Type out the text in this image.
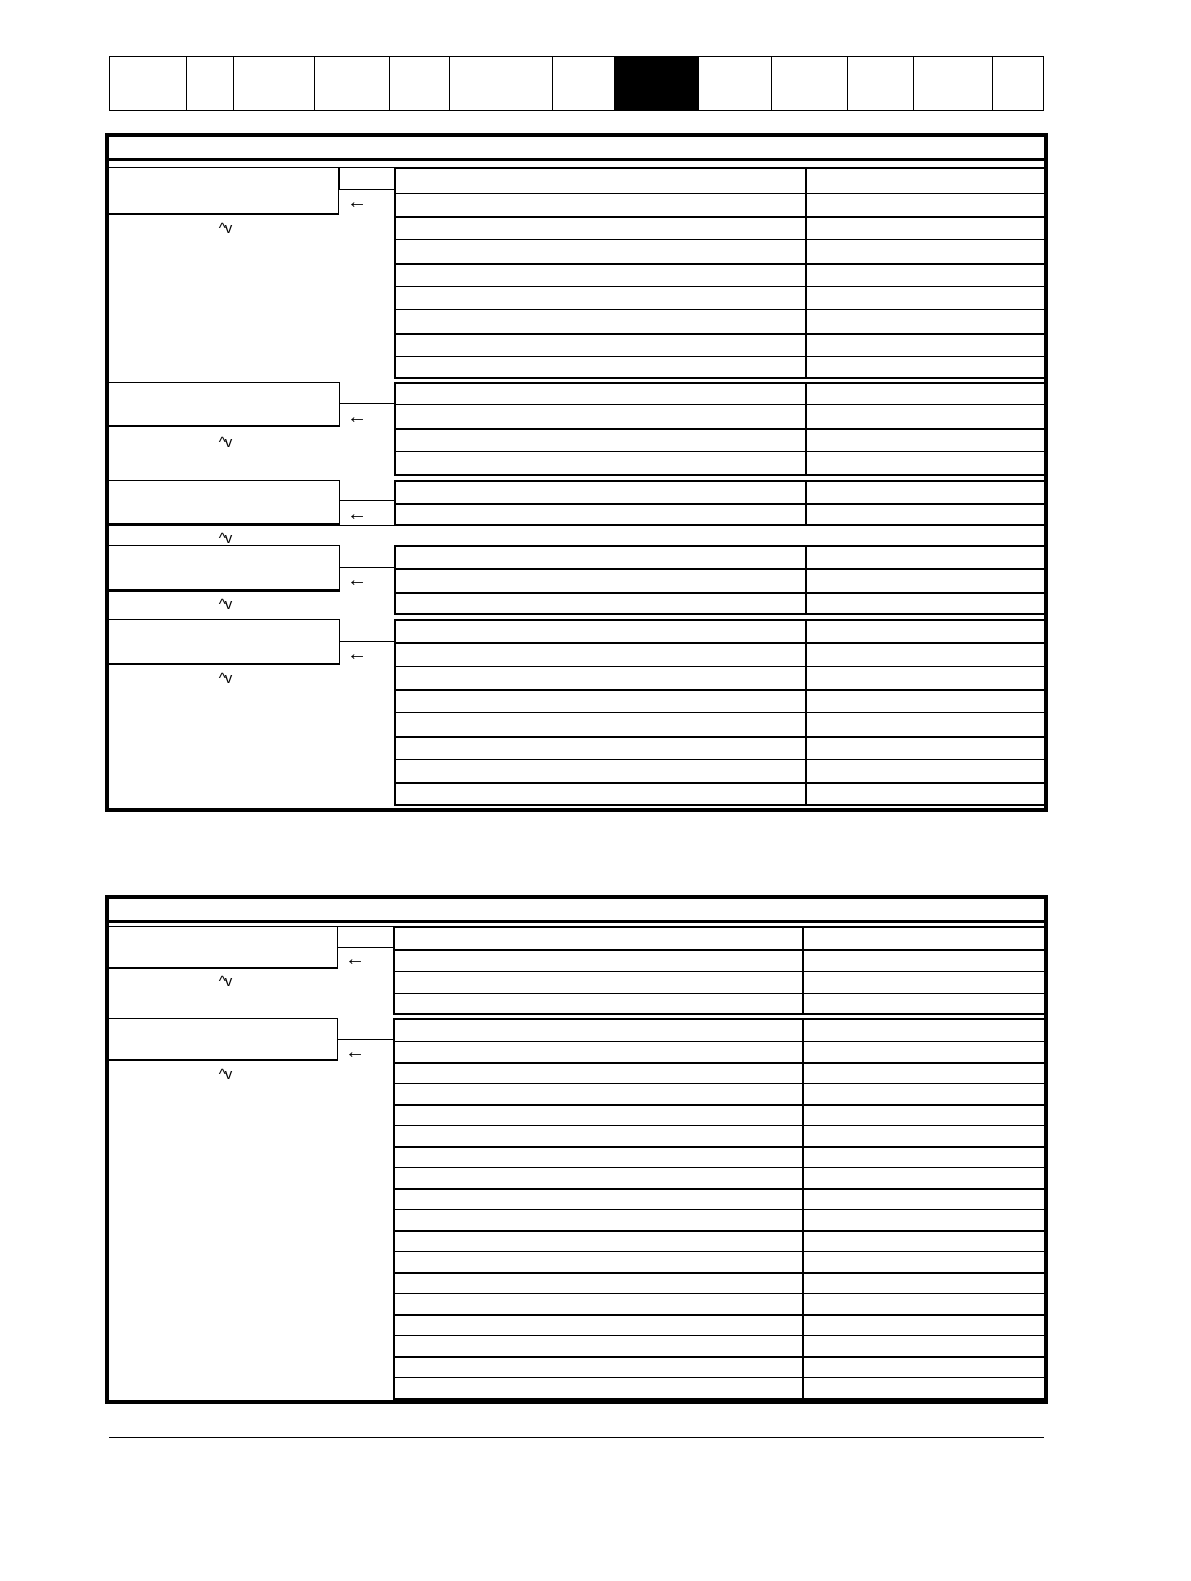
←
^v
←
^v
←
^v
←
^v
←
^v
←
^v
←
^v
